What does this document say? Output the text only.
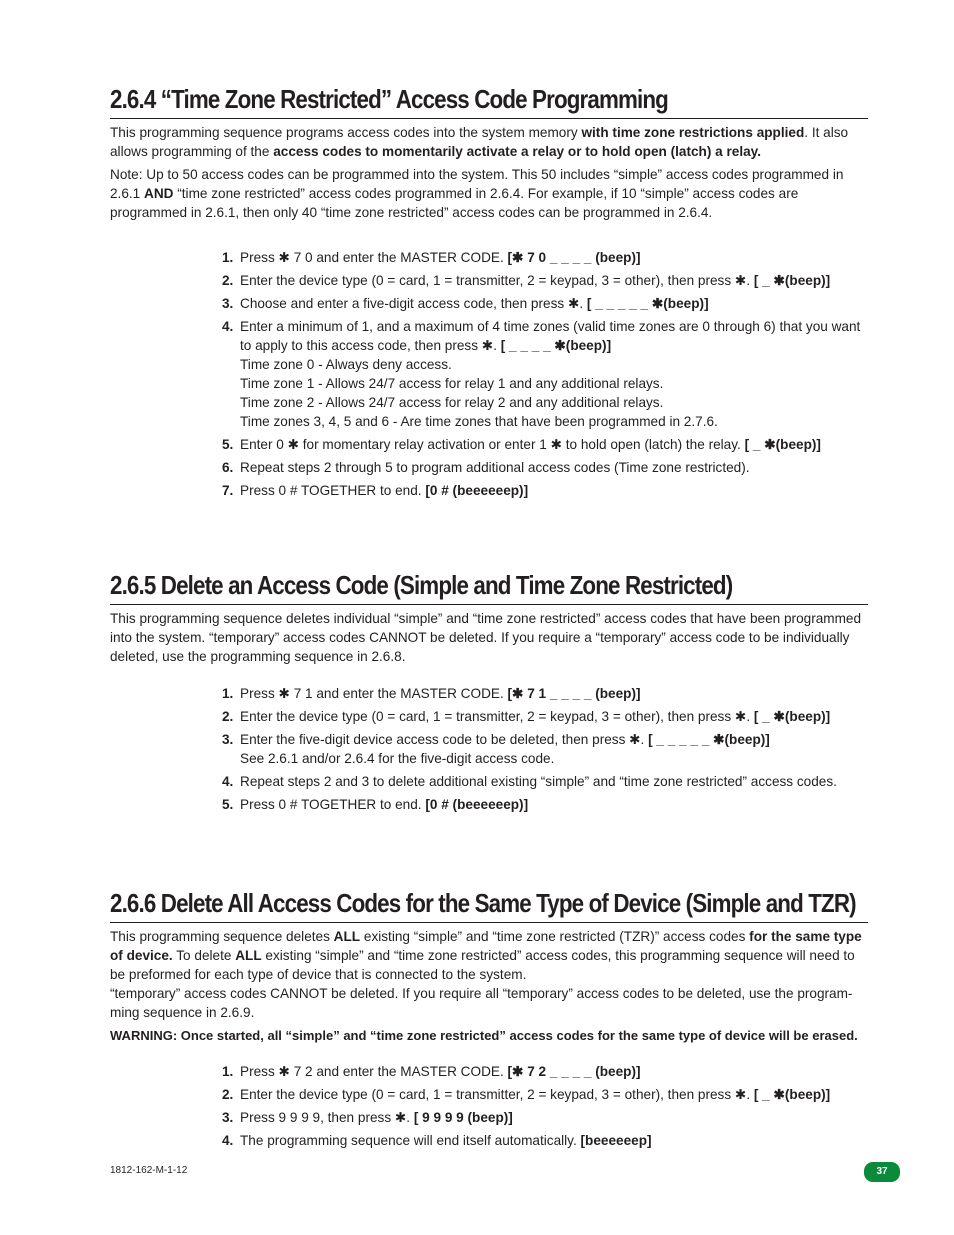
2.6.4 “Time Zone Restricted” Access Code Programming

This programming sequence programs access codes into the system memory with time zone restrictions applied. It also allows programming of the access codes to momentarily activate a relay or to hold open (latch) a relay.

Note: Up to 50 access codes can be programmed into the system. This 50 includes “simple” access codes programmed in 2.6.1 AND “time zone restricted” access codes programmed in 2.6.4. For example, if 10 “simple” access codes are programmed in 2.6.1, then only 40 “time zone restricted” access codes can be programmed in 2.6.4.

1. Press ✱ 7 0 and enter the MASTER CODE. [✱ 7 0 _ _ _ _ (beep)]
2. Enter the device type (0 = card, 1 = transmitter, 2 = keypad, 3 = other), then press ✱. [ _ ✱(beep)]
3. Choose and enter a five-digit access code, then press ✱. [ _ _ _ _ _ ✱(beep)]
4. Enter a minimum of 1, and a maximum of 4 time zones (valid time zones are 0 through 6) that you want to apply to this access code, then press ✱. [ _ _ _ _ ✱(beep)]
Time zone 0 - Always deny access.
Time zone 1 - Allows 24/7 access for relay 1 and any additional relays.
Time zone 2 - Allows 24/7 access for relay 2 and any additional relays.
Time zones 3, 4, 5 and 6 - Are time zones that have been programmed in 2.7.6.
5. Enter 0 ✱ for momentary relay activation or enter 1 ✱ to hold open (latch) the relay. [ _ ✱(beep)]
6. Repeat steps 2 through 5 to program additional access codes (Time zone restricted).
7. Press 0 # TOGETHER to end. [0 # (beeeeeep)]
2.6.5 Delete an Access Code (Simple and Time Zone Restricted)

This programming sequence deletes individual “simple” and “time zone restricted” access codes that have been programmed into the system. “temporary” access codes CANNOT be deleted. If you require a “temporary” access code to be individually deleted, use the programming sequence in 2.6.8.

1. Press ✱ 7 1 and enter the MASTER CODE. [✱ 7 1 _ _ _ _ (beep)]
2. Enter the device type (0 = card, 1 = transmitter, 2 = keypad, 3 = other), then press ✱. [ _ ✱(beep)]
3. Enter the five-digit device access code to be deleted, then press ✱. [ _ _ _ _ _ ✱(beep)]
See 2.6.1 and/or 2.6.4 for the five-digit access code.
4. Repeat steps 2 and 3 to delete additional existing “simple” and “time zone restricted” access codes.
5. Press 0 # TOGETHER to end. [0 # (beeeeeep)]
2.6.6 Delete All Access Codes for the Same Type of Device (Simple and TZR)

This programming sequence deletes ALL existing “simple” and “time zone restricted (TZR)” access codes for the same type of device. To delete ALL existing “simple” and “time zone restricted” access codes, this programming sequence will need to be preformed for each type of device that is connected to the system.

“temporary” access codes CANNOT be deleted. If you require all “temporary” access codes to be deleted, use the program-ming sequence in 2.6.9.

WARNING: Once started, all “simple” and “time zone restricted” access codes for the same type of device will be erased.

1. Press ✱ 7 2 and enter the MASTER CODE. [✱ 7 2 _ _ _ _ (beep)]
2. Enter the device type (0 = card, 1 = transmitter, 2 = keypad, 3 = other), then press ✱. [ _ ✱(beep)]
3. Press 9 9 9 9, then press ✱. [ 9 9 9 9 (beep)]
4. The programming sequence will end itself automatically. [beeeeeep]
1812-162-M-1-12	37
